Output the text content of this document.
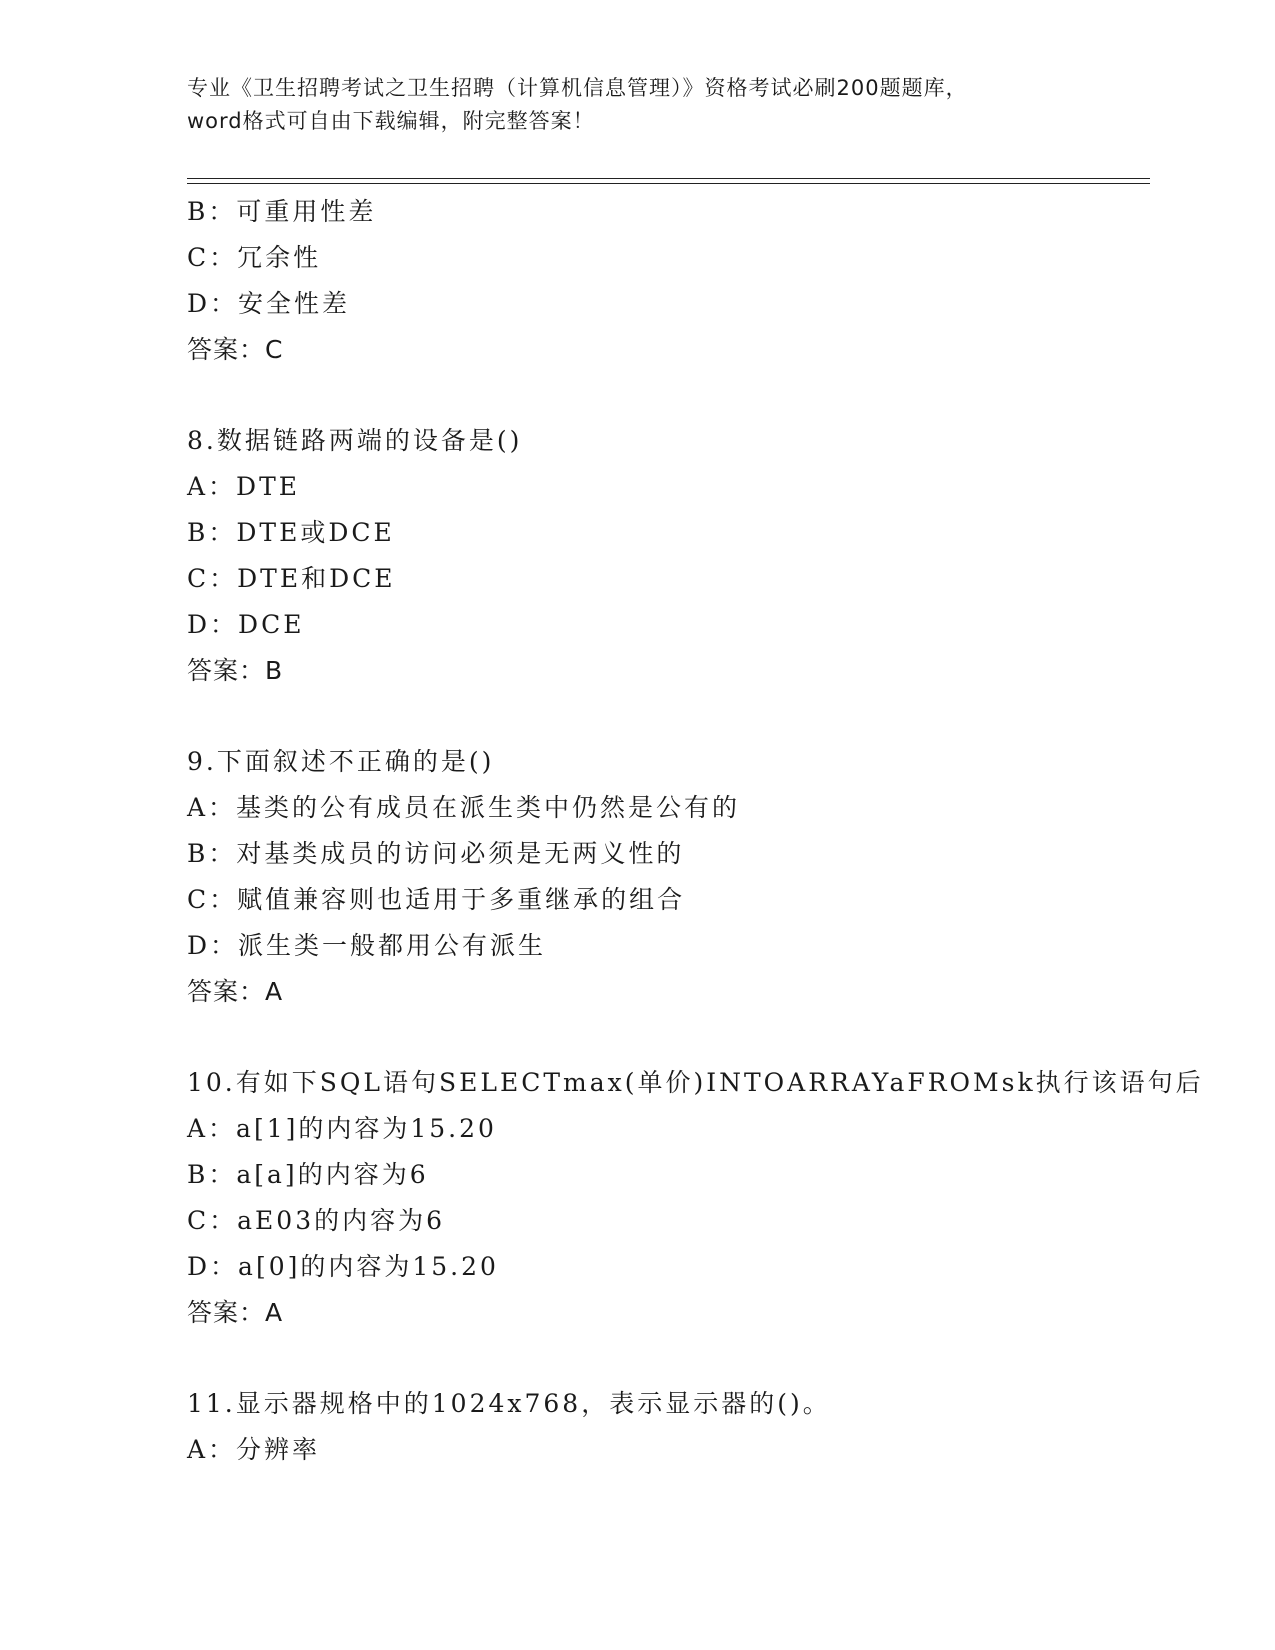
专业《卫生招聘考试之卫生招聘（计算机信息管理）》资格考试必刷200题题库，
word格式可自由下载编辑，附完整答案！
B：可重用性差
C：冗余性
D：安全性差
答案：C
8.数据链路两端的设备是()
A：DTE
B：DTE或DCE
C：DTE和DCE
D：DCE
答案：B
9.下面叙述不正确的是()
A：基类的公有成员在派生类中仍然是公有的
B：对基类成员的访问必须是无两义性的
C：赋值兼容则也适用于多重继承的组合
D：派生类一般都用公有派生
答案：A
10.有如下SQL语句SELECTmax(单价)INTOARRAYaFROMsk执行该语句后
A：a[1]的内容为15.20
B：a[a]的内容为6
C：aE03的内容为6
D：a[0]的内容为15.20
答案：A
11.显示器规格中的1024x768，表示显示器的()。
A：分辨率
